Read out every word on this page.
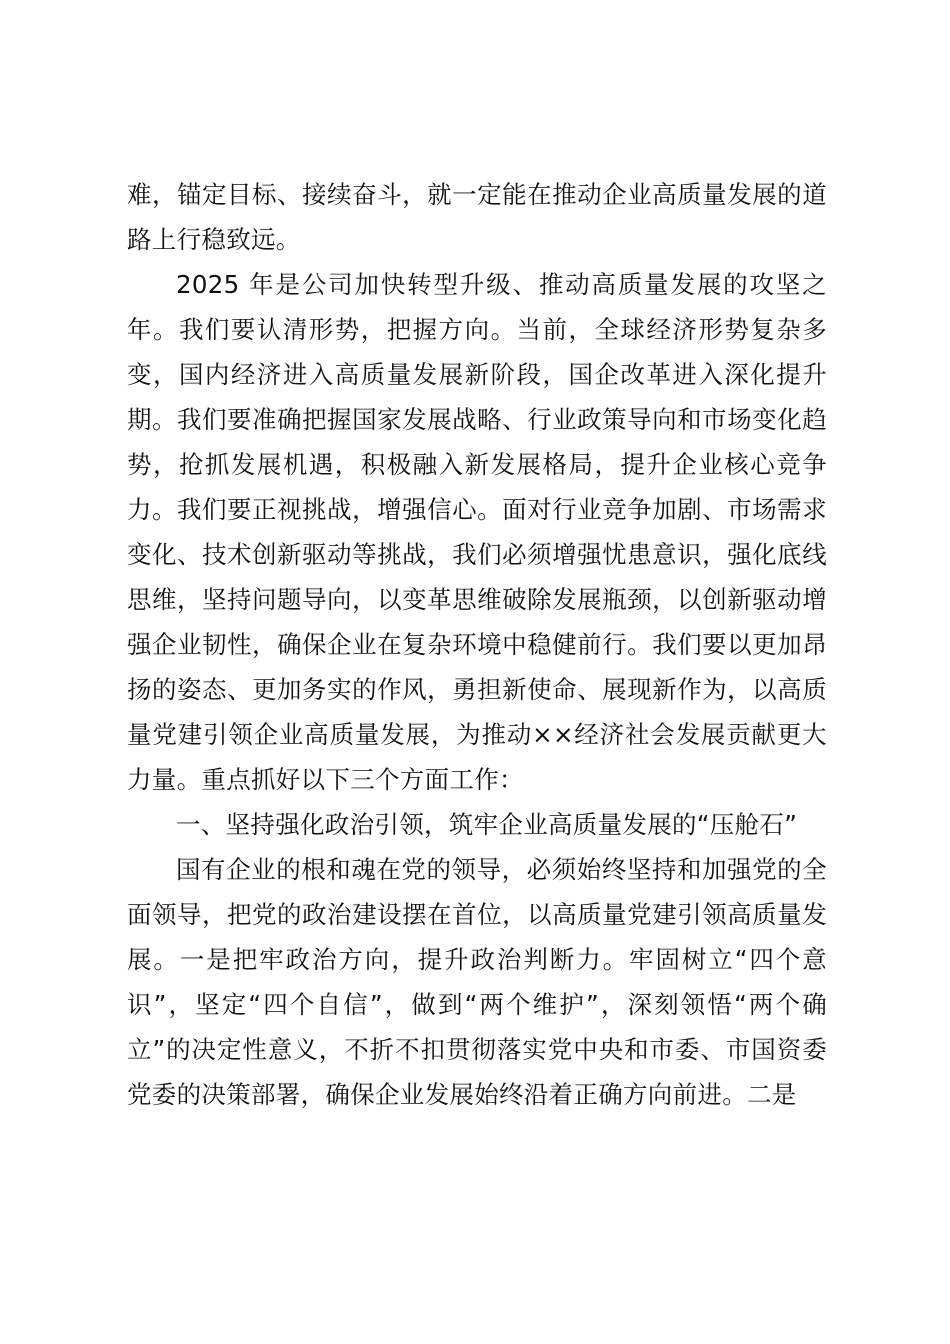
难，锚定目标、接续奋斗，就一定能在推动企业高质量发展的道路上行稳致远。

2025 年是公司加快转型升级、推动高质量发展的攻坚之年。我们要认清形势，把握方向。当前，全球经济形势复杂多变，国内经济进入高质量发展新阶段，国企改革进入深化提升期。我们要准确把握国家发展战略、行业政策导向和市场变化趋势，抢抓发展机遇，积极融入新发展格局，提升企业核心竞争力。我们要正视挑战，增强信心。面对行业竞争加剧、市场需求变化、技术创新驱动等挑战，我们必须增强忧患意识，强化底线思维，坚持问题导向，以变革思维破除发展瓶颈，以创新驱动增强企业韧性，确保企业在复杂环境中稳健前行。我们要以更加昂扬的姿态、更加务实的作风，勇担新使命、展现新作为，以高质量党建引领企业高质量发展，为推动××经济社会发展贡献更大力量。重点抓好以下三个方面工作：

一、坚持强化政治引领，筑牢企业高质量发展的“压舱石”

国有企业的根和魂在党的领导，必须始终坚持和加强党的全面领导，把党的政治建设摆在首位，以高质量党建引领高质量发展。一是把牢政治方向，提升政治判断力。牢固树立“四个意识”，坚定“四个自信”，做到“两个维护”，深刻领悟“两个确立”的决定性意义，不折不扣贯彻落实党中央和市委、市国资委党委的决策部署，确保企业发展始终沿着正确方向前进。二是
